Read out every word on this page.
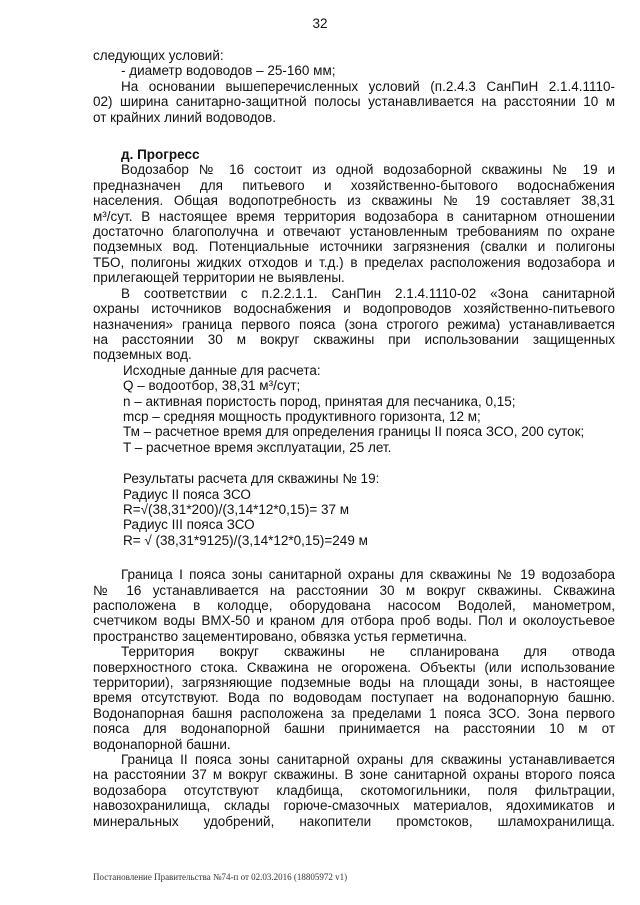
32
следующих условий:
- диаметр водоводов – 25-160 мм;
На основании вышеперечисленных условий (п.2.4.3 СанПиН 2.1.4.1110-
02) ширина санитарно-защитной полосы устанавливается на расстоянии 10 м
от крайних линий водоводов.
д. Прогресс
Водозабор № 16 состоит из одной водозаборной скважины № 19 и
предназначен для питьевого и хозяйственно-бытового водоснабжения
населения. Общая водопотребность из скважины № 19 составляет 38,31
м³/сут. В настоящее время территория водозабора в санитарном отношении
достаточно благополучна и отвечают установленным требованиям по охране
подземных вод. Потенциальные источники загрязнения (свалки и полигоны
ТБО, полигоны жидких отходов и т.д.) в пределах расположения водозабора и
прилегающей территории не выявлены.
В соответствии с п.2.2.1.1. СанПин 2.1.4.1110-02 «Зона санитарной
охраны источников водоснабжения и водопроводов хозяйственно-питьевого
назначения» граница первого пояса (зона строгого режима) устанавливается
на расстоянии 30 м вокруг скважины при использовании защищенных
подземных вод.
Исходные данные для расчета:
Q – водоотбор, 38,31 м³/сут;
n – активная пористость пород, принятая для песчаника, 0,15;
mср – средняя мощность продуктивного горизонта, 12 м;
Тм – расчетное время для определения границы II пояса ЗСО, 200 суток;
T – расчетное время эксплуатации, 25 лет.
Результаты расчета для скважины № 19:
Радиус II пояса ЗСО
R=√(38,31*200)/(3,14*12*0,15)= 37 м
Радиус III пояса ЗСО
R= √ (38,31*9125)/(3,14*12*0,15)=249 м
Граница I пояса зоны санитарной охраны для скважины № 19 водозабора
№ 16 устанавливается на расстоянии 30 м вокруг скважины. Скважина
расположена в колодце, оборудована насосом Водолей, манометром,
счетчиком воды ВМХ-50 и краном для отбора проб воды. Пол и околоустьевое
пространство зацементировано, обвязка устья герметична.
Территория вокруг скважины не спланирована для отвода
поверхностного стока. Скважина не огорожена. Объекты (или использование
территории), загрязняющие подземные воды на площади зоны, в настоящее
время отсутствуют. Вода по водоводам поступает на водонапорную башню.
Водонапорная башня расположена за пределами 1 пояса ЗСО. Зона первого
пояса для водонапорной башни принимается на расстоянии 10 м от
водонапорной башни.
Граница II пояса зоны санитарной охраны для скважины устанавливается
на расстоянии 37 м вокруг скважины. В зоне санитарной охраны второго пояса
водозабора отсутствуют кладбища, скотомогильники, поля фильтрации,
навозохранилища, склады горюче-смазочных материалов, ядохимикатов и
минеральных удобрений, накопители промстоков, шламохранилища.
Постановление Правительства №74-п от 02.03.2016 (18805972 v1)
